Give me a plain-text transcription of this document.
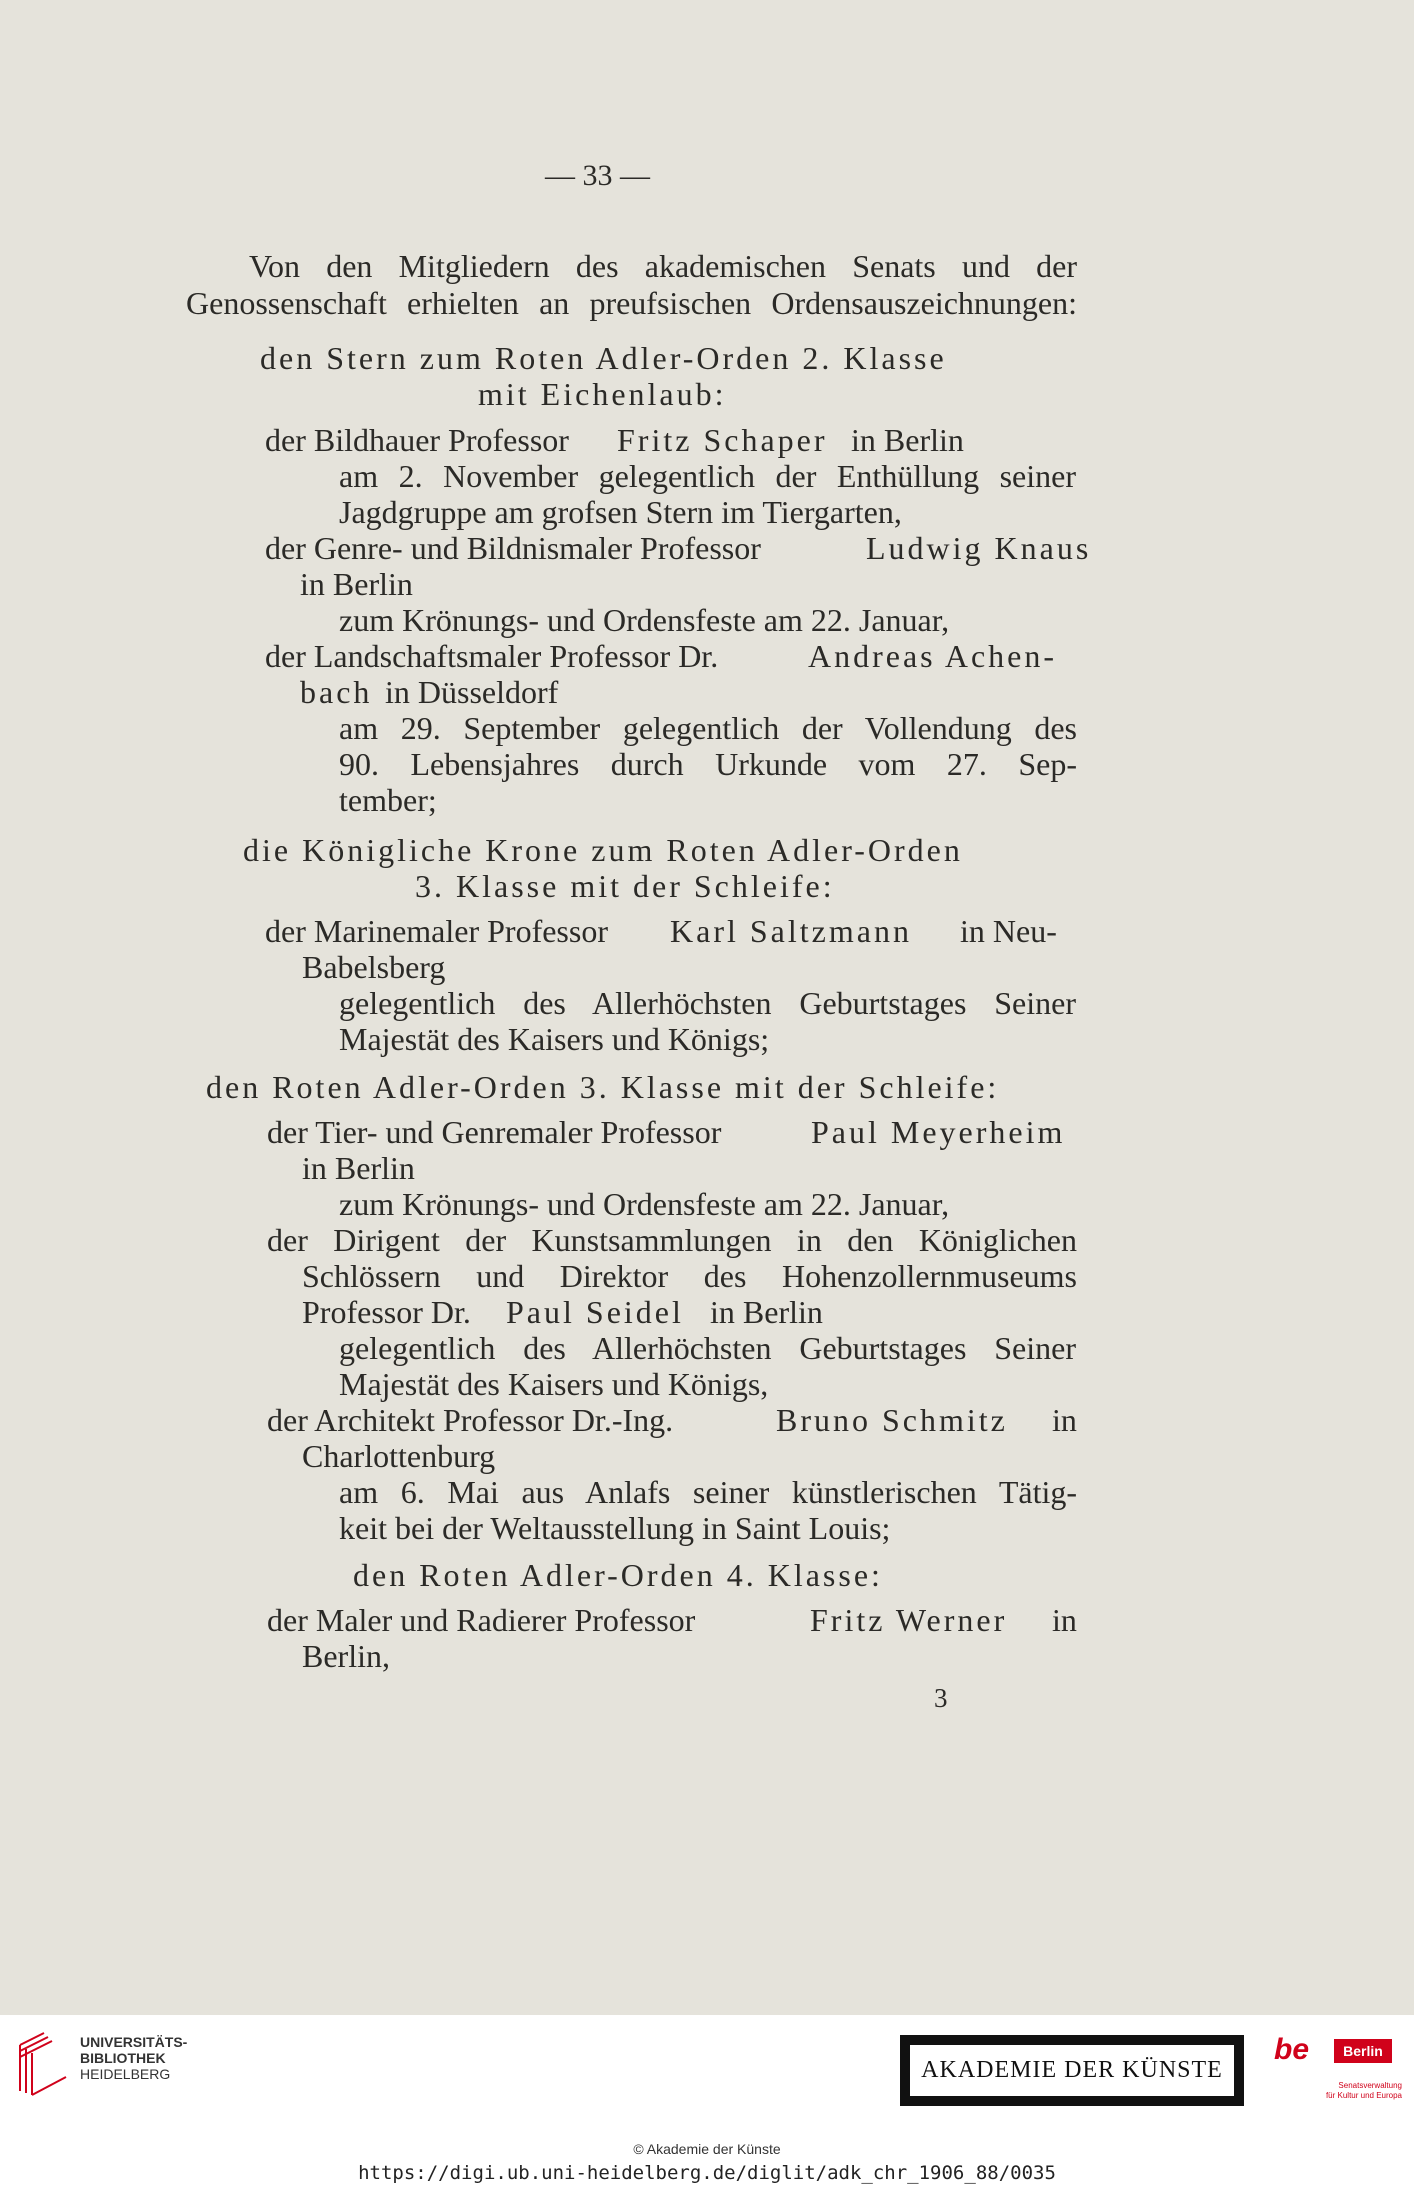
— 33 —
Von den Mitgliedern des akademischen Senats und der
Genossenschaft erhielten an preufsischen Ordensauszeichnungen:
den Stern zum Roten Adler-Orden 2. Klasse
mit Eichenlaub:
der Bildhauer Professor Fritz Schaper in Berlin
am 2. November gelegentlich der Enthüllung seiner
Jagdgruppe am grofsen Stern im Tiergarten,
der Genre- und Bildnismaler Professor	Ludwig Knaus
in Berlin
zum Krönungs- und Ordensfeste am 22. Januar,
der Landschaftsmaler Professor Dr.	Andreas Achen-
bach in Düsseldorf
am 29. September gelegentlich der Vollendung des
90. Lebensjahres durch Urkunde vom 27. Sep-
tember;
die Königliche Krone zum Roten Adler-Orden
3. Klasse mit der Schleife:
der Marinemaler Professor Karl Saltzmann in Neu-
Babelsberg
gelegentlich des Allerhöchsten Geburtstages Seiner
Majestät des Kaisers und Königs;
den Roten Adler-Orden 3. Klasse mit der Schleife:
der Tier- und Genremaler Professor	Paul Meyerheim
in Berlin
zum Krönungs- und Ordensfeste am 22. Januar,
der Dirigent der Kunstsammlungen in den Königlichen
Schlössern und Direktor des Hohenzollernmuseums
Professor Dr. Paul Seidel in Berlin
gelegentlich des Allerhöchsten Geburtstages Seiner
Majestät des Kaisers und Königs,
der Architekt Professor Dr.-Ing.	Bruno Schmitz in
Charlottenburg
am 6. Mai aus Anlafs seiner künstlerischen Tätig-
keit bei der Weltausstellung in Saint Louis;
den Roten Adler-Orden 4. Klasse:
der Maler und Radierer Professor	Fritz Werner in
Berlin,
3
UNIVERSITÄTS-
BIBLIOTHEK
HEIDELBERG	AKADEMIE DER KÜNSTE
be	Berlin
Senatsverwaltung
für Kultur und Europa
© Akademie der Künste
https://digi.ub.uni-heidelberg.de/diglit/adk_chr_1906_88/0035
